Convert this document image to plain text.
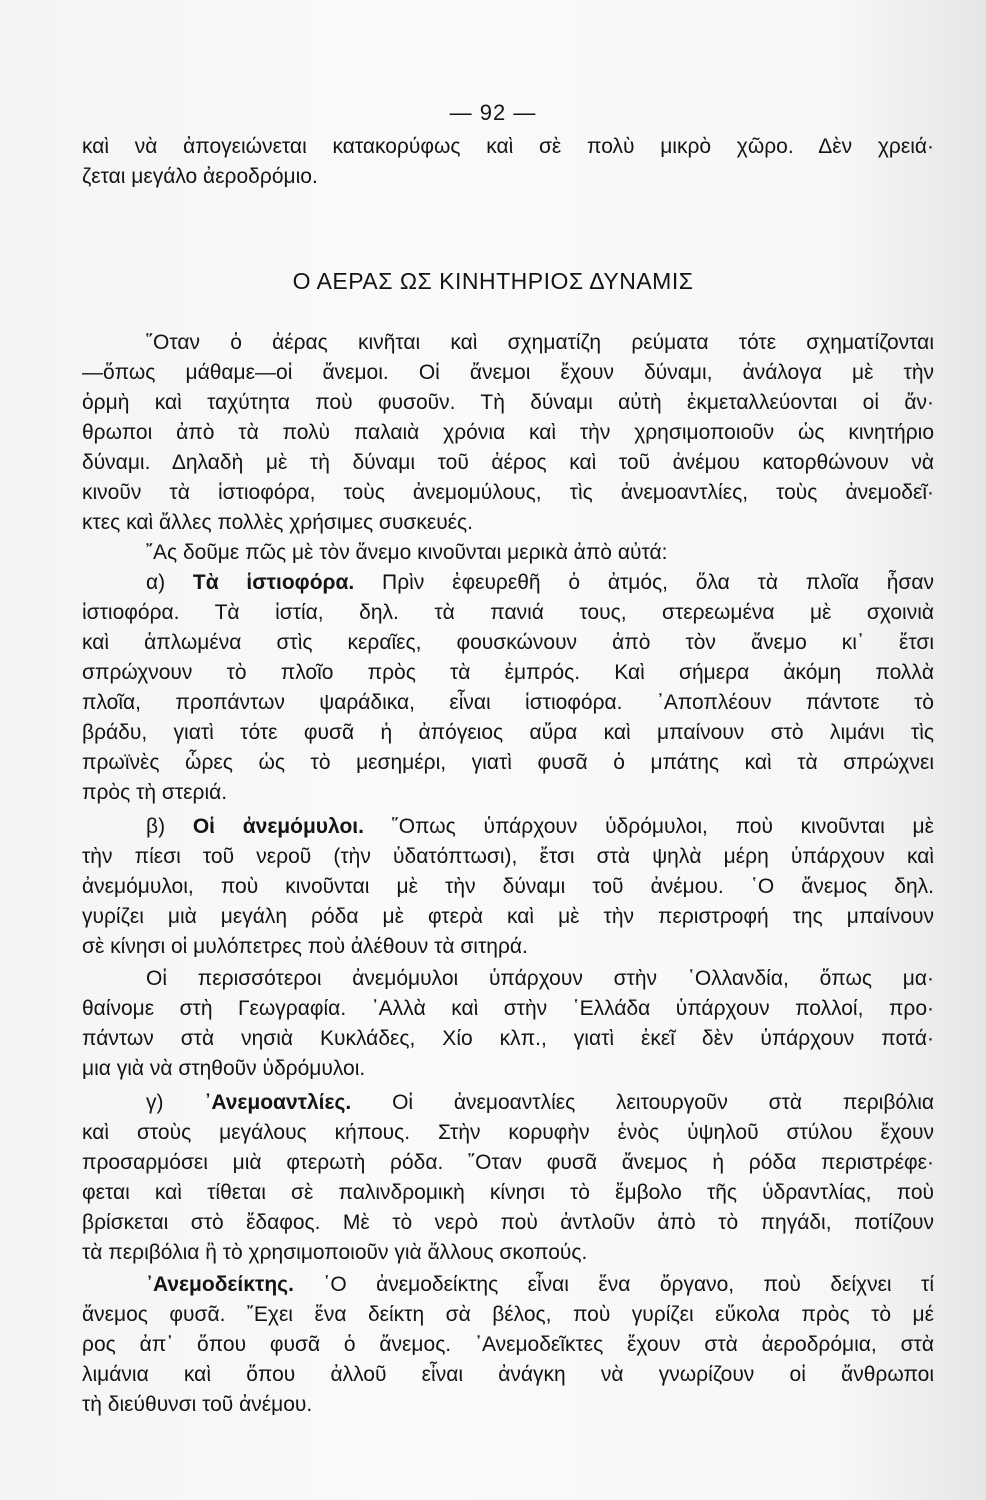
— 92 —
καὶ νὰ ἀπογειώνεται κατακορύφως καὶ σὲ πολὺ μικρὸ χῶρο. Δὲν χρειά·
ζεται μεγάλο ἀεροδρόμιο.
Ο ΑΕΡΑΣ ΩΣ ΚΙΝΗΤΗΡΙΟΣ ΔΥΝΑΜΙΣ
῞Οταν ὁ ἀέρας κινῆται καὶ σχηματίζη ρεύματα τότε σχηματίζονται
—ὅπως μάθαμε—οἱ ἄνεμοι. Οἱ ἄνεμοι ἔχουν δύναμι, ἀνάλογα μὲ τὴν
ὁρμὴ καὶ ταχύτητα ποὺ φυσοῦν. Τὴ δύναμι αὐτὴ ἐκμεταλλεύονται οἱ ἄν·
θρωποι ἀπὸ τὰ πολὺ παλαιὰ χρόνια καὶ τὴν χρησιμοποιοῦν ὡς κινητήριο
δύναμι. Δηλαδὴ μὲ τὴ δύναμι τοῦ ἀέρος καὶ τοῦ ἀνέμου κατορθώνουν νὰ
κινοῦν τὰ ἱστιοφόρα, τοὺς ἀνεμομύλους, τὶς ἀνεμοαντλίες, τοὺς ἀνεμοδεῖ·
κτες καὶ ἄλλες πολλὲς χρήσιμες συσκευές.
῎Ας δοῦμε πῶς μὲ τὸν ἄνεμο κινοῦνται μερικὰ ἀπὸ αὐτά:
α) Τὰ ἱστιοφόρα. Πρὶν ἐφευρεθῆ ὁ ἀτμός, ὅλα τὰ πλοῖα ἦσαν
ἱστιοφόρα. Τὰ ἱστία, δηλ. τὰ πανιά τους, στερεωμένα μὲ σχοινιὰ
καὶ ἁπλωμένα στὶς κεραῖες, φουσκώνουν ἀπὸ τὸν ἄνεμο κι᾽ ἔτσι
σπρώχνουν τὸ πλοῖο πρὸς τὰ ἐμπρός. Καὶ σήμερα ἀκόμη πολλὰ
πλοῖα, προπάντων ψαράδικα, εἶναι ἱστιοφόρα. ᾽Αποπλέουν πάντοτε τὸ
βράδυ, γιατὶ τότε φυσᾶ ἡ ἀπόγειος αὔρα καὶ μπαίνουν στὸ λιμάνι τὶς
πρωϊνὲς ὧρες ὡς τὸ μεσημέρι, γιατὶ φυσᾶ ὁ μπάτης καὶ τὰ σπρώχνει
πρὸς τὴ στεριά.
β) Οἱ ἀνεμόμυλοι. ῞Οπως ὑπάρχουν ὑδρόμυλοι, ποὺ κινοῦνται μὲ
τὴν πίεσι τοῦ νεροῦ (τὴν ὑδατόπτωσι), ἔτσι στὰ ψηλὰ μέρη ὑπάρχουν καὶ
ἀνεμόμυλοι, ποὺ κινοῦνται μὲ τὴν δύναμι τοῦ ἀνέμου. ῾Ο ἄνεμος δηλ.
γυρίζει μιὰ μεγάλη ρόδα μὲ φτερὰ καὶ μὲ τὴν περιστροφή της μπαίνουν
σὲ κίνησι οἱ μυλόπετρες ποὺ ἀλέθουν τὰ σιτηρά.
Οἱ περισσότεροι ἀνεμόμυλοι ὑπάρχουν στὴν ῾Ολλανδία, ὅπως μα·
θαίνομε στὴ Γεωγραφία. ᾽Αλλὰ καὶ στὴν ῾Ελλάδα ὑπάρχουν πολλοί, προ·
πάντων στὰ νησιὰ Κυκλάδες, Χίο κλπ., γιατὶ ἐκεῖ δὲν ὑπάρχουν ποτά·
μια γιὰ νὰ στηθοῦν ὑδρόμυλοι.
γ) ᾽Ανεμοαντλίες. Οἱ ἀνεμοαντλίες λειτουργοῦν στὰ περιβόλια
καὶ στοὺς μεγάλους κήπους. Στὴν κορυφὴν ἑνὸς ὑψηλοῦ στύλου ἔχουν
προσαρμόσει μιὰ φτερωτὴ ρόδα. ῞Οταν φυσᾶ ἄνεμος ἡ ρόδα περιστρέφε·
φεται καὶ τίθεται σὲ παλινδρομικὴ κίνησι τὸ ἔμβολο τῆς ὑδραντλίας, ποὺ
βρίσκεται στὸ ἔδαφος. Μὲ τὸ νερὸ ποὺ ἀντλοῦν ἀπὸ τὸ πηγάδι, ποτίζουν
τὰ περιβόλια ἢ τὸ χρησιμοποιοῦν γιὰ ἄλλους σκοπούς.
᾽Ανεμοδείκτης. ῾Ο ἀνεμοδείκτης εἶναι ἕνα ὄργανο, ποὺ δείχνει τί
ἄνεμος φυσᾶ. ῎Εχει ἕνα δείκτη σὰ βέλος, ποὺ γυρίζει εὔκολα πρὸς τὸ μέ
ρος ἀπ᾽ ὅπου φυσᾶ ὁ ἄνεμος. ᾽Ανεμοδεῖκτες ἔχουν στὰ ἀεροδρόμια, στὰ
λιμάνια καὶ ὅπου ἀλλοῦ εἶναι ἀνάγκη νὰ γνωρίζουν οἱ ἄνθρωποι
τὴ διεύθυνσι τοῦ ἀνέμου.
